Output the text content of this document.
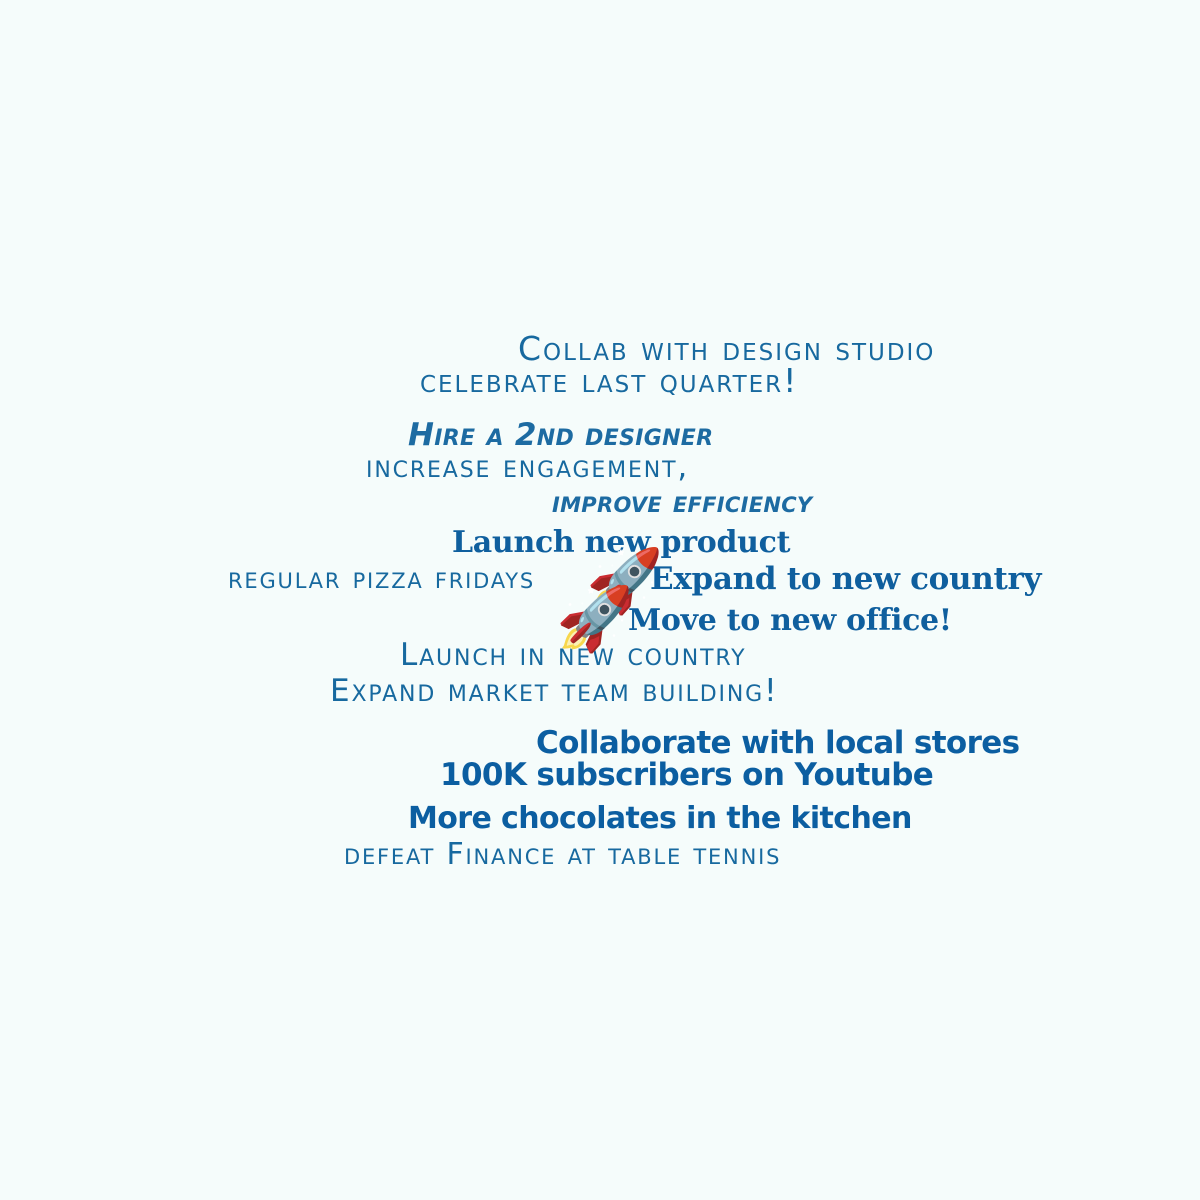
Collab with design studio
celebrate last quarter!
Hire a 2nd designer
increase engagement,
improve efficiency
Launch new product
regular pizza fridays	Expand to new country
Move to new office!
Launch in new country
Expand market team building!
Collaborate with local stores
100K subscribers on Youtube
More chocolates in the kitchen
defeat Finance at table tennis
🚀
🚀
